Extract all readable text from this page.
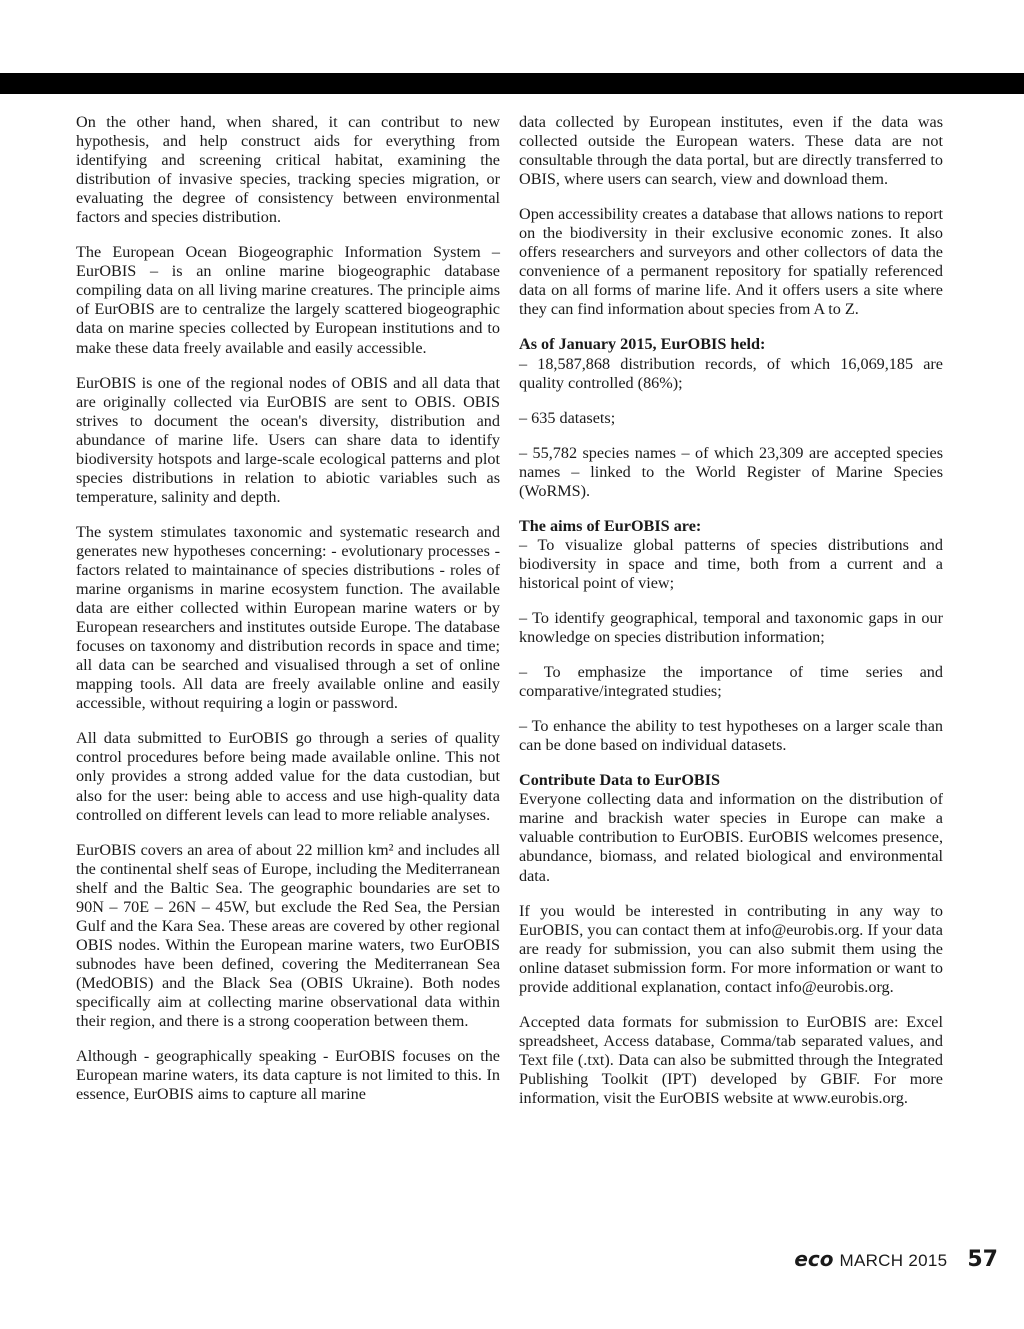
On the other hand, when shared, it can contribut to new hypothesis, and help construct aids for everything from identifying and screening critical habitat, examining the distribution of invasive species, tracking species migration, or evaluating the degree of consistency between environmental factors and species distribution.

The European Ocean Biogeographic Information System – EurOBIS – is an online marine biogeographic database compiling data on all living marine creatures. The principle aims of EurOBIS are to centralize the largely scattered biogeographic data on marine species collected by European institutions and to make these data freely available and easily accessible.

EurOBIS is one of the regional nodes of OBIS and all data that are originally collected via EurOBIS are sent to OBIS. OBIS strives to document the ocean's diversity, distribution and abundance of marine life. Users can share data to identify biodiversity hotspots and large-scale ecological patterns and plot species distributions in relation to abiotic variables such as temperature, salinity and depth.

The system stimulates taxonomic and systematic research and generates new hypotheses concerning: - evolutionary processes - factors related to maintainance of species distributions - roles of marine organisms in marine ecosystem function. The available data are either collected within European marine waters or by European researchers and institutes outside Europe. The database focuses on taxonomy and distribution records in space and time; all data can be searched and visualised through a set of online mapping tools. All data are freely available online and easily accessible, without requiring a login or password.

All data submitted to EurOBIS go through a series of quality control procedures before being made available online. This not only provides a strong added value for the data custodian, but also for the user: being able to access and use high-quality data controlled on different levels can lead to more reliable analyses.

EurOBIS covers an area of about 22 million km² and includes all the continental shelf seas of Europe, including the Mediterranean shelf and the Baltic Sea. The geographic boundaries are set to 90N – 70E – 26N – 45W, but exclude the Red Sea, the Persian Gulf and the Kara Sea. These areas are covered by other regional OBIS nodes. Within the European marine waters, two EurOBIS subnodes have been defined, covering the Mediterranean Sea (MedOBIS) and the Black Sea (OBIS Ukraine). Both nodes specifically aim at collecting marine observational data within their region, and there is a strong cooperation between them.

Although - geographically speaking - EurOBIS focuses on the European marine waters, its data capture is not limited to this. In essence, EurOBIS aims to capture all marine

data collected by European institutes, even if the data was collected outside the European waters. These data are not consultable through the data portal, but are directly transferred to OBIS, where users can search, view and download them.

Open accessibility creates a database that allows nations to report on the biodiversity in their exclusive economic zones. It also offers researchers and surveyors and other collectors of data the convenience of a permanent repository for spatially referenced data on all forms of marine life. And it offers users a site where they can find information about species from A to Z.

As of January 2015, EurOBIS held:

– 18,587,868 distribution records, of which 16,069,185 are quality controlled (86%);

– 635 datasets;

– 55,782 species names – of which 23,309 are accepted species names – linked to the World Register of Marine Species (WoRMS).

The aims of EurOBIS are:

– To visualize global patterns of species distributions and biodiversity in space and time, both from a current and a historical point of view;

– To identify geographical, temporal and taxonomic gaps in our knowledge on species distribution information;

– To emphasize the importance of time series and comparative/integrated studies;

– To enhance the ability to test hypotheses on a larger scale than can be done based on individual datasets.

Contribute Data to EurOBIS

Everyone collecting data and information on the distribution of marine and brackish water species in Europe can make a valuable contribution to EurOBIS. EurOBIS welcomes presence, abundance, biomass, and related biological and environmental data.

If you would be interested in contributing in any way to EurOBIS, you can contact them at info@eurobis.org. If your data are ready for submission, you can also submit them using the online dataset submission form. For more information or want to provide additional explanation, contact info@eurobis.org.

Accepted data formats for submission to EurOBIS are: Excel spreadsheet, Access database, Comma/tab separated values, and Text file (.txt). Data can also be submitted through the Integrated Publishing Toolkit (IPT) developed by GBIF. For more information, visit the EurOBIS website at www.eurobis.org.

eco MARCH 2015 57
